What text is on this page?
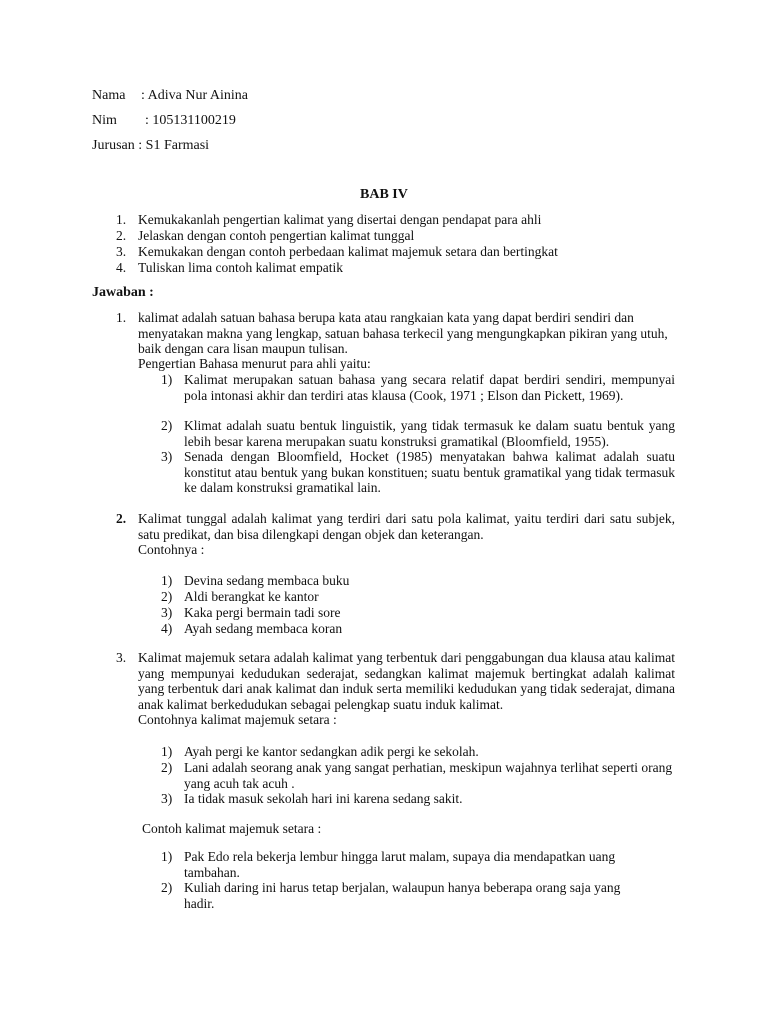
Nama : Adiva Nur Ainina
Nim : 105131100219
Jurusan : S1 Farmasi
BAB IV
1. Kemukakanlah pengertian kalimat yang disertai dengan pendapat para ahli
2. Jelaskan dengan contoh pengertian kalimat tunggal
3. Kemukakan dengan contoh perbedaan kalimat majemuk setara dan bertingkat
4. Tuliskan lima contoh kalimat empatik
Jawaban :
1. kalimat adalah satuan bahasa berupa kata atau rangkaian kata yang dapat berdiri sendiri dan menyatakan makna yang lengkap, satuan bahasa terkecil yang mengungkapkan pikiran yang utuh, baik dengan cara lisan maupun tulisan.
Pengertian Bahasa menurut para ahli yaitu:
1) Kalimat merupakan satuan bahasa yang secara relatif dapat berdiri sendiri, mempunyai pola intonasi akhir dan terdiri atas klausa (Cook, 1971 ; Elson dan Pickett, 1969).
2) Klimat adalah suatu bentuk linguistik, yang tidak termasuk ke dalam suatu bentuk yang lebih besar karena merupakan suatu konstruksi gramatikal (Bloomfield, 1955).
3) Senada dengan Bloomfield, Hocket (1985) menyatakan bahwa kalimat adalah suatu konstitut atau bentuk yang bukan konstituen; suatu bentuk gramatikal yang tidak termasuk ke dalam konstruksi gramatikal lain.
2. Kalimat tunggal adalah kalimat yang terdiri dari satu pola kalimat, yaitu terdiri dari satu subjek, satu predikat, dan bisa dilengkapi dengan objek dan keterangan.
Contohnya :
1) Devina sedang membaca buku
2) Aldi berangkat ke kantor
3) Kaka pergi bermain tadi sore
4) Ayah sedang membaca koran
3. Kalimat majemuk setara adalah kalimat yang terbentuk dari penggabungan dua klausa atau kalimat yang mempunyai kedudukan sederajat, sedangkan kalimat majemuk bertingkat adalah kalimat yang terbentuk dari anak kalimat dan induk serta memiliki kedudukan yang tidak sederajat, dimana anak kalimat berkedudukan sebagai pelengkap suatu induk kalimat.
Contohnya kalimat majemuk setara :
1) Ayah pergi ke kantor sedangkan adik pergi ke sekolah.
2) Lani adalah seorang anak yang sangat perhatian, meskipun wajahnya terlihat seperti orang yang acuh tak acuh .
3) Ia tidak masuk sekolah hari ini karena sedang sakit.
Contoh kalimat majemuk setara :
1) Pak Edo rela bekerja lembur hingga larut malam, supaya dia mendapatkan uang tambahan.
2) Kuliah daring ini harus tetap berjalan, walaupun hanya beberapa orang saja yang hadir.
